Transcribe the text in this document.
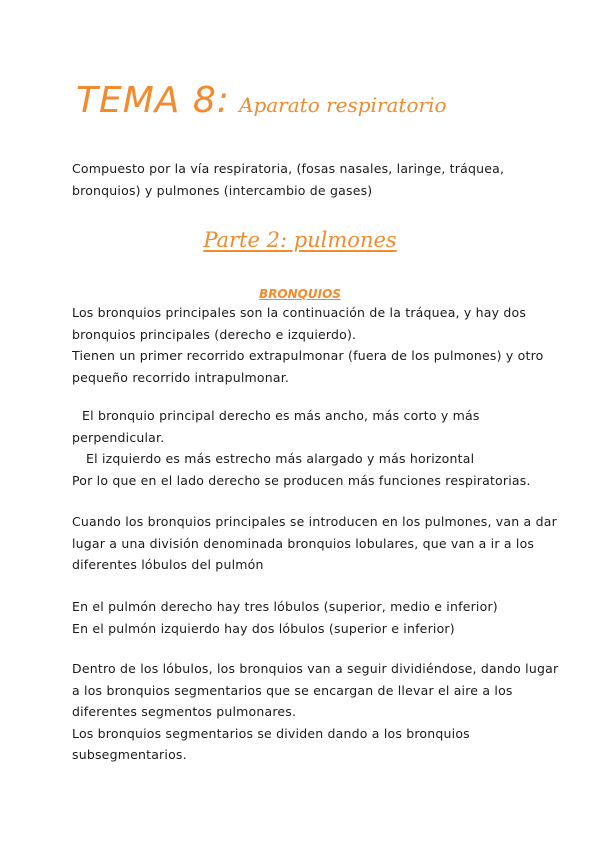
TEMA 8: Aparato respiratorio
Compuesto por la vía respiratoria, (fosas nasales, laringe, tráquea,
bronquios) y pulmones (intercambio de gases)
Parte 2: pulmones
BRONQUIOS
Los bronquios principales son la continuación de la tráquea, y hay dos
bronquios principales (derecho e izquierdo).
Tienen un primer recorrido extrapulmonar (fuera de los pulmones) y otro
pequeño recorrido intrapulmonar.
El bronquio principal derecho es más ancho, más corto y más
perpendicular.
El izquierdo es más estrecho más alargado y más horizontal
Por lo que en el lado derecho se producen más funciones respiratorias.
Cuando los bronquios principales se introducen en los pulmones, van a dar
lugar a una división denominada bronquios lobulares, que van a ir a los
diferentes lóbulos del pulmón
En el pulmón derecho hay tres lóbulos (superior, medio e inferior)
En el pulmón izquierdo hay dos lóbulos (superior e inferior)
Dentro de los lóbulos, los bronquios van a seguir dividiéndose, dando lugar
a los bronquios segmentarios que se encargan de llevar el aire a los
diferentes segmentos pulmonares.
Los bronquios segmentarios se dividen dando a los bronquios
subsegmentarios.
